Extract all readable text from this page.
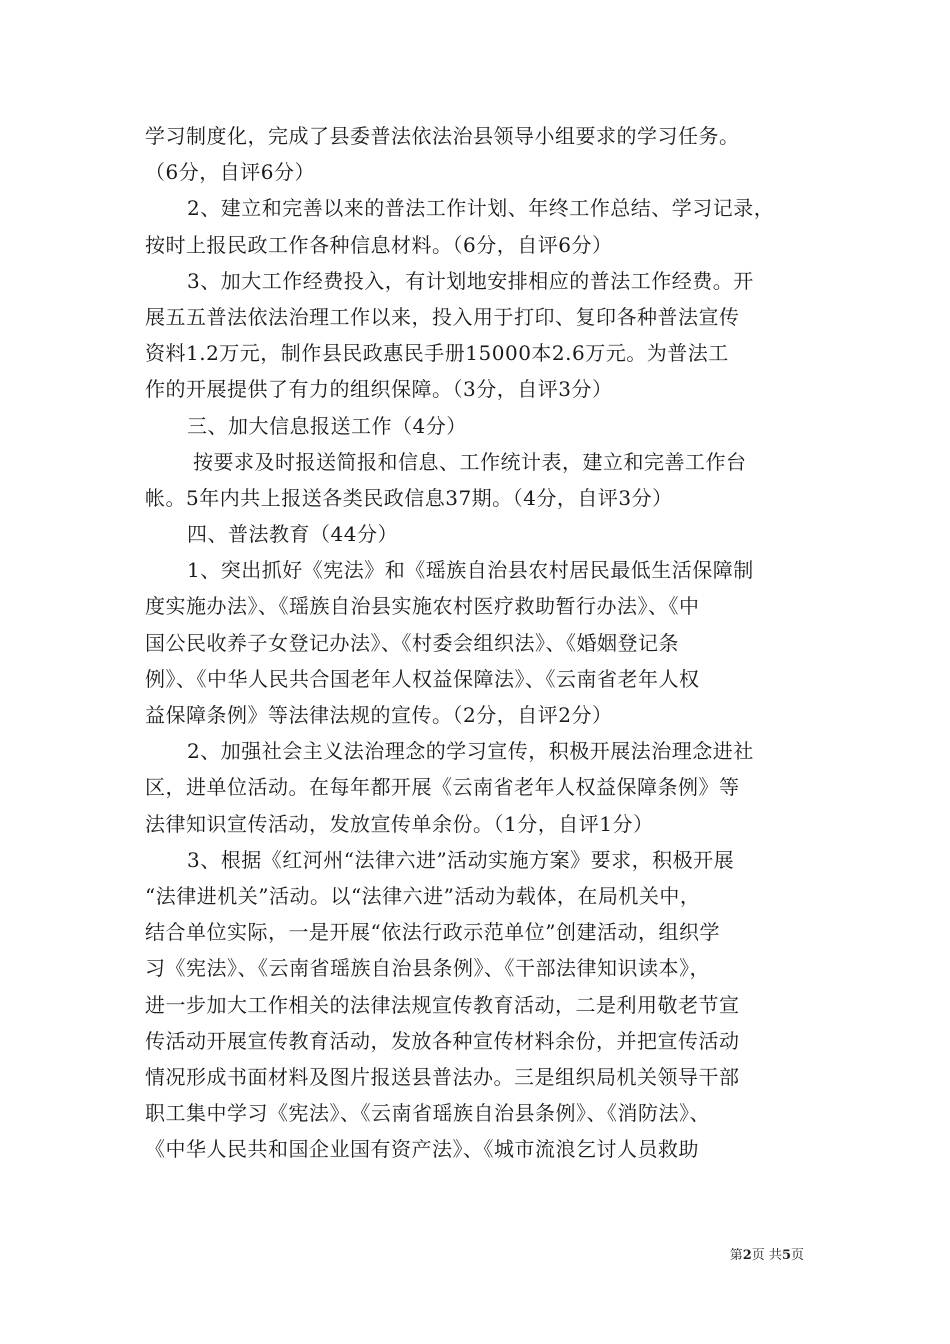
学习制度化，完成了县委普法依法治县领导小组要求的学习任务。
（6分，自评6分）
2、建立和完善以来的普法工作计划、年终工作总结、学习记录，
按时上报民政工作各种信息材料。（6分，自评6分）
3、加大工作经费投入，有计划地安排相应的普法工作经费。开
展五五普法依法治理工作以来，投入用于打印、复印各种普法宣传
资料1.2万元，制作县民政惠民手册15000本2.6万元。为普法工
作的开展提供了有力的组织保障。（3分，自评3分）
三、加大信息报送工作（4分）
按要求及时报送简报和信息、工作统计表，建立和完善工作台
帐。5年内共上报送各类民政信息37期。（4分，自评3分）
四、普法教育（44分）
1、突出抓好《宪法》和《瑶族自治县农村居民最低生活保障制
度实施办法》、《瑶族自治县实施农村医疗救助暂行办法》、《中
国公民收养子女登记办法》、《村委会组织法》、《婚姻登记条
例》、《中华人民共合国老年人权益保障法》、《云南省老年人权
益保障条例》等法律法规的宣传。（2分，自评2分）
2、加强社会主义法治理念的学习宣传，积极开展法治理念进社
区，进单位活动。在每年都开展《云南省老年人权益保障条例》等
法律知识宣传活动，发放宣传单余份。（1分，自评1分）
3、根据《红河州“法律六进”活动实施方案》要求，积极开展
“法律进机关”活动。以“法律六进”活动为载体，在局机关中，
结合单位实际，一是开展“依法行政示范单位”创建活动，组织学
习《宪法》、《云南省瑶族自治县条例》、《干部法律知识读本》，
进一步加大工作相关的法律法规宣传教育活动，二是利用敬老节宣
传活动开展宣传教育活动，发放各种宣传材料余份，并把宣传活动
情况形成书面材料及图片报送县普法办。三是组织局机关领导干部
职工集中学习《宪法》、《云南省瑶族自治县条例》、《消防法》、
《中华人民共和国企业国有资产法》、《城市流浪乞讨人员救助
第2页 共5页
